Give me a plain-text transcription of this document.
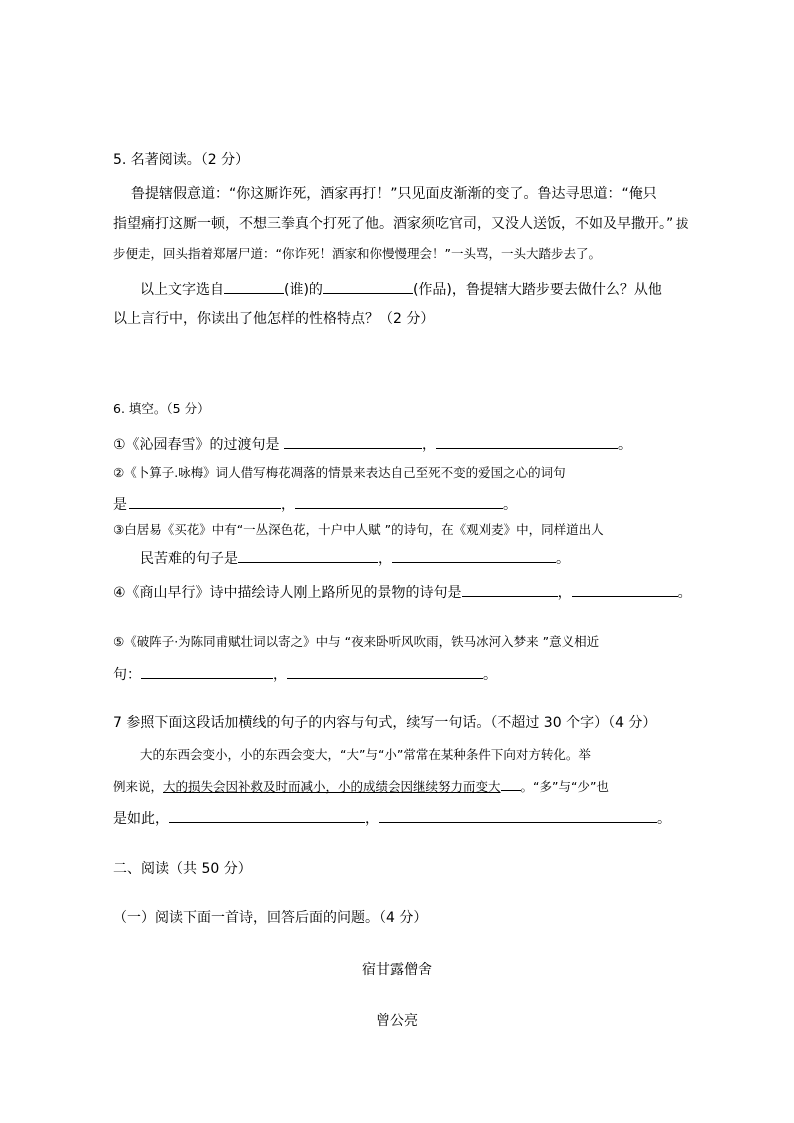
5. 名著阅读。（2 分）
鲁提辖假意道：“你这厮诈死，酒家再打！”只见面皮渐渐的变了。鲁达寻思道：“俺只
指望痛打这厮一顿，不想三拳真个打死了他。酒家须吃官司，又没人送饭，不如及早撒开。” 拔
步便走，回头指着郑屠尸道：“你诈死！酒家和你慢慢理会！”一头骂，一头大踏步去了。
以上文字选自	(谁)的	(作品)，鲁提辖大踏步要去做什么？从他
以上言行中，你读出了他怎样的性格特点？（2 分）
6. 填空。（5 分）
①《沁园春雪》的过渡句是	，	。
②《卜算子.咏梅》词人借写梅花凋落的情景来表达自己至死不变的爱国之心的词句
是	，	。
③白居易《买花》中有“一丛深色花，十户中人赋 ”的诗句，在《观刈麦》中，同样道出人
民苦难的句子是	，	。
④《商山早行》诗中描绘诗人刚上路所见的景物的诗句是	，	。
⑤《破阵子·为陈同甫赋壮词以寄之》中与 “夜来卧听风吹雨，铁马冰河入梦来 ”意义相近
句：	，	。
7 参照下面这段话加横线的句子的内容与句式，续写一句话。（不超过 30 个字）（4 分）
大的东西会变小，小的东西会变大，“大”与“小”常常在某种条件下向对方转化。举
例来说，大的损失会因补救及时而减小，小的成绩会因继续努力而变大 。“多”与“少”也
是如此，	，	。
二、阅读（共 50 分）
（一）阅读下面一首诗，回答后面的问题。（4 分）
宿甘露僧舍
曾公亮
